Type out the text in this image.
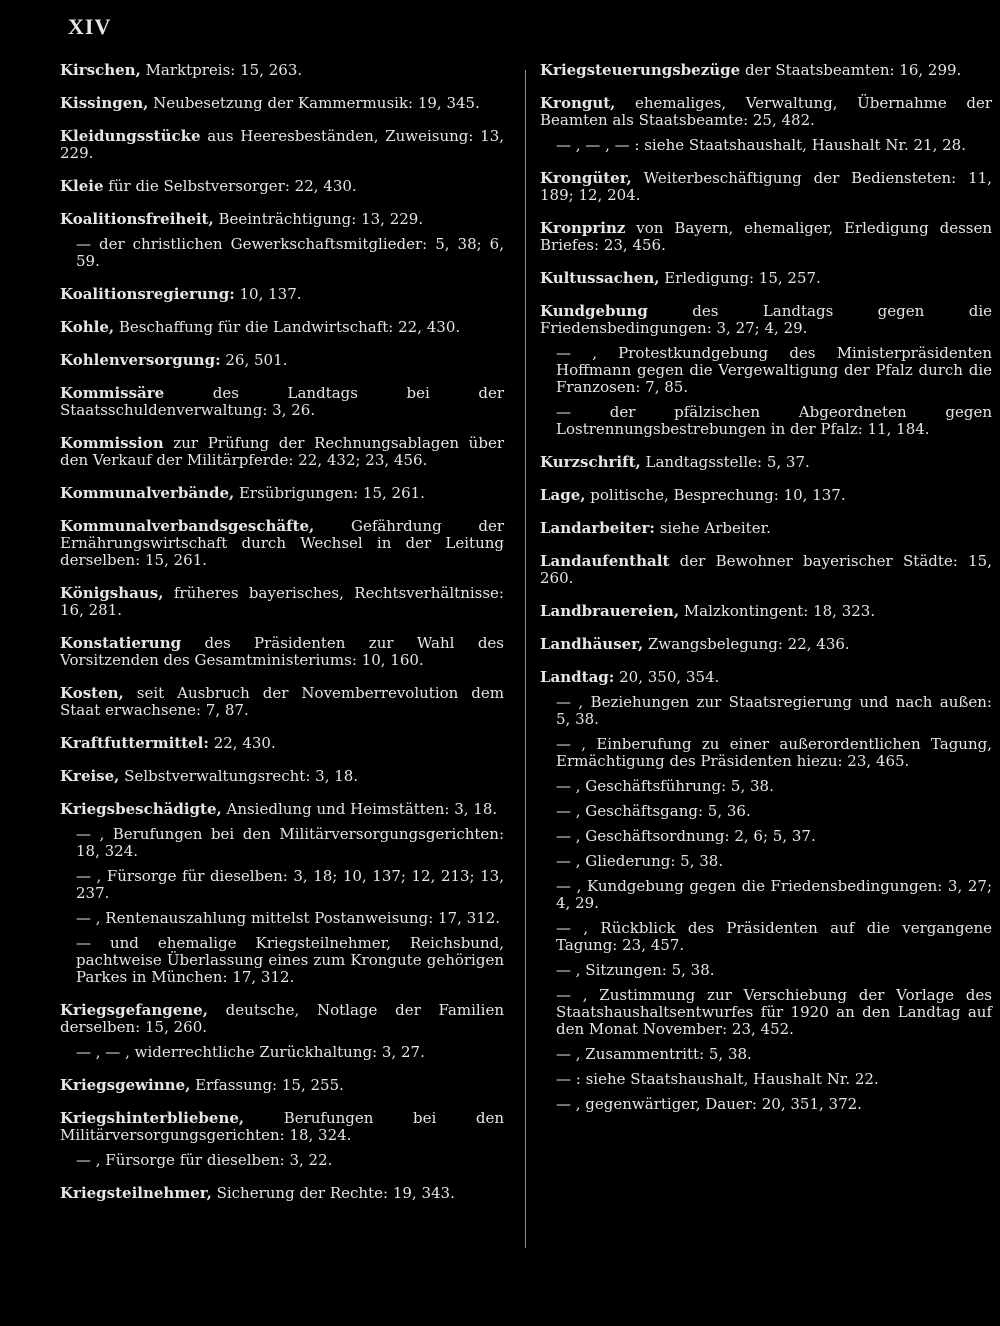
XIV
Kirschen, Marktpreis: 15, 263.
Kissingen, Neubesetzung der Kammermusik: 19, 345.
Kleidungsstücke aus Heeresbeständen, Zuweisung: 13, 229.
Kleie für die Selbstversorger: 22, 430.
Koalitionsfreiheit, Beeinträchtigung: 13, 229.
— der christlichen Gewerkschaftsmitglieder: 5, 38; 6, 59.
Koalitionsregierung: 10, 137.
Kohle, Beschaffung für die Landwirtschaft: 22, 430.
Kohlenversorgung: 26, 501.
Kommissäre des Landtags bei der Staatsschuldenverwaltung: 3, 26.
Kommission zur Prüfung der Rechnungsablagen über den Verkauf der Militärpferde: 22, 432; 23, 456.
Kommunalverbände, Ersübrigungen: 15, 261.
Kommunalverbandsgeschäfte, Gefährdung der Ernährungswirtschaft durch Wechsel in der Leitung derselben: 15, 261.
Königshaus, früheres bayerisches, Rechtsverhältnisse: 16, 281.
Konstatierung des Präsidenten zur Wahl des Vorsitzenden des Gesamtministeriums: 10, 160.
Kosten, seit Ausbruch der Novemberrevolution dem Staat erwachsene: 7, 87.
Kraftfuttermittel: 22, 430.
Kreise, Selbstverwaltungsrecht: 3, 18.
Kriegsbeschädigte, Ansiedlung und Heimstätten: 3, 18.
— , Berufungen bei den Militärversorgungsgerichten: 18, 324.
— , Fürsorge für dieselben: 3, 18; 10, 137; 12, 213; 13, 237.
— , Rentenauszahlung mittelst Postanweisung: 17, 312.
— und ehemalige Kriegsteilnehmer, Reichsbund, pachtweise Überlassung eines zum Krongute gehörigen Parkes in München: 17, 312.
Kriegsgefangene, deutsche, Notlage der Familien derselben: 15, 260.
— , — , widerrechtliche Zurückhaltung: 3, 27.
Kriegsgewinne, Erfassung: 15, 255.
Kriegshinterbliebene, Berufungen bei den Militärversorgungsgerichten: 18, 324.
— , Fürsorge für dieselben: 3, 22.
Kriegsteilnehmer, Sicherung der Rechte: 19, 343.
Kriegsteuerungsbezüge der Staatsbeamten: 16, 299.
Krongut, ehemaliges, Verwaltung, Übernahme der Beamten als Staatsbeamte: 25, 482.
— , — , — : siehe Staatshaushalt, Haushalt Nr. 21, 28.
Krongüter, Weiterbeschäftigung der Bediensteten: 11, 189; 12, 204.
Kronprinz von Bayern, ehemaliger, Erledigung dessen Briefes: 23, 456.
Kultussachen, Erledigung: 15, 257.
Kundgebung des Landtags gegen die Friedensbedingungen: 3, 27; 4, 29.
— , Protestkundgebung des Ministerpräsidenten Hoffmann gegen die Vergewaltigung der Pfalz durch die Franzosen: 7, 85.
— der pfälzischen Abgeordneten gegen Lostrennungsbestrebungen in der Pfalz: 11, 184.
Kurzschrift, Landtagsstelle: 5, 37.
Lage, politische, Besprechung: 10, 137.
Landarbeiter: siehe Arbeiter.
Landaufenthalt der Bewohner bayerischer Städte: 15, 260.
Landbrauereien, Malzkontingent: 18, 323.
Landhäuser, Zwangsbelegung: 22, 436.
Landtag: 20, 350, 354.
— , Beziehungen zur Staatsregierung und nach außen: 5, 38.
— , Einberufung zu einer außerordentlichen Tagung, Ermächtigung des Präsidenten hiezu: 23, 465.
— , Geschäftsführung: 5, 38.
— , Geschäftsgang: 5, 36.
— , Geschäftsordnung: 2, 6; 5, 37.
— , Gliederung: 5, 38.
— , Kundgebung gegen die Friedensbedingungen: 3, 27; 4, 29.
— , Rückblick des Präsidenten auf die vergangene Tagung: 23, 457.
— , Sitzungen: 5, 38.
— , Zustimmung zur Verschiebung der Vorlage des Staatshaushaltsentwurfes für 1920 an den Landtag auf den Monat November: 23, 452.
— , Zusammentritt: 5, 38.
— : siehe Staatshaushalt, Haushalt Nr. 22.
— , gegenwärtiger, Dauer: 20, 351, 372.
